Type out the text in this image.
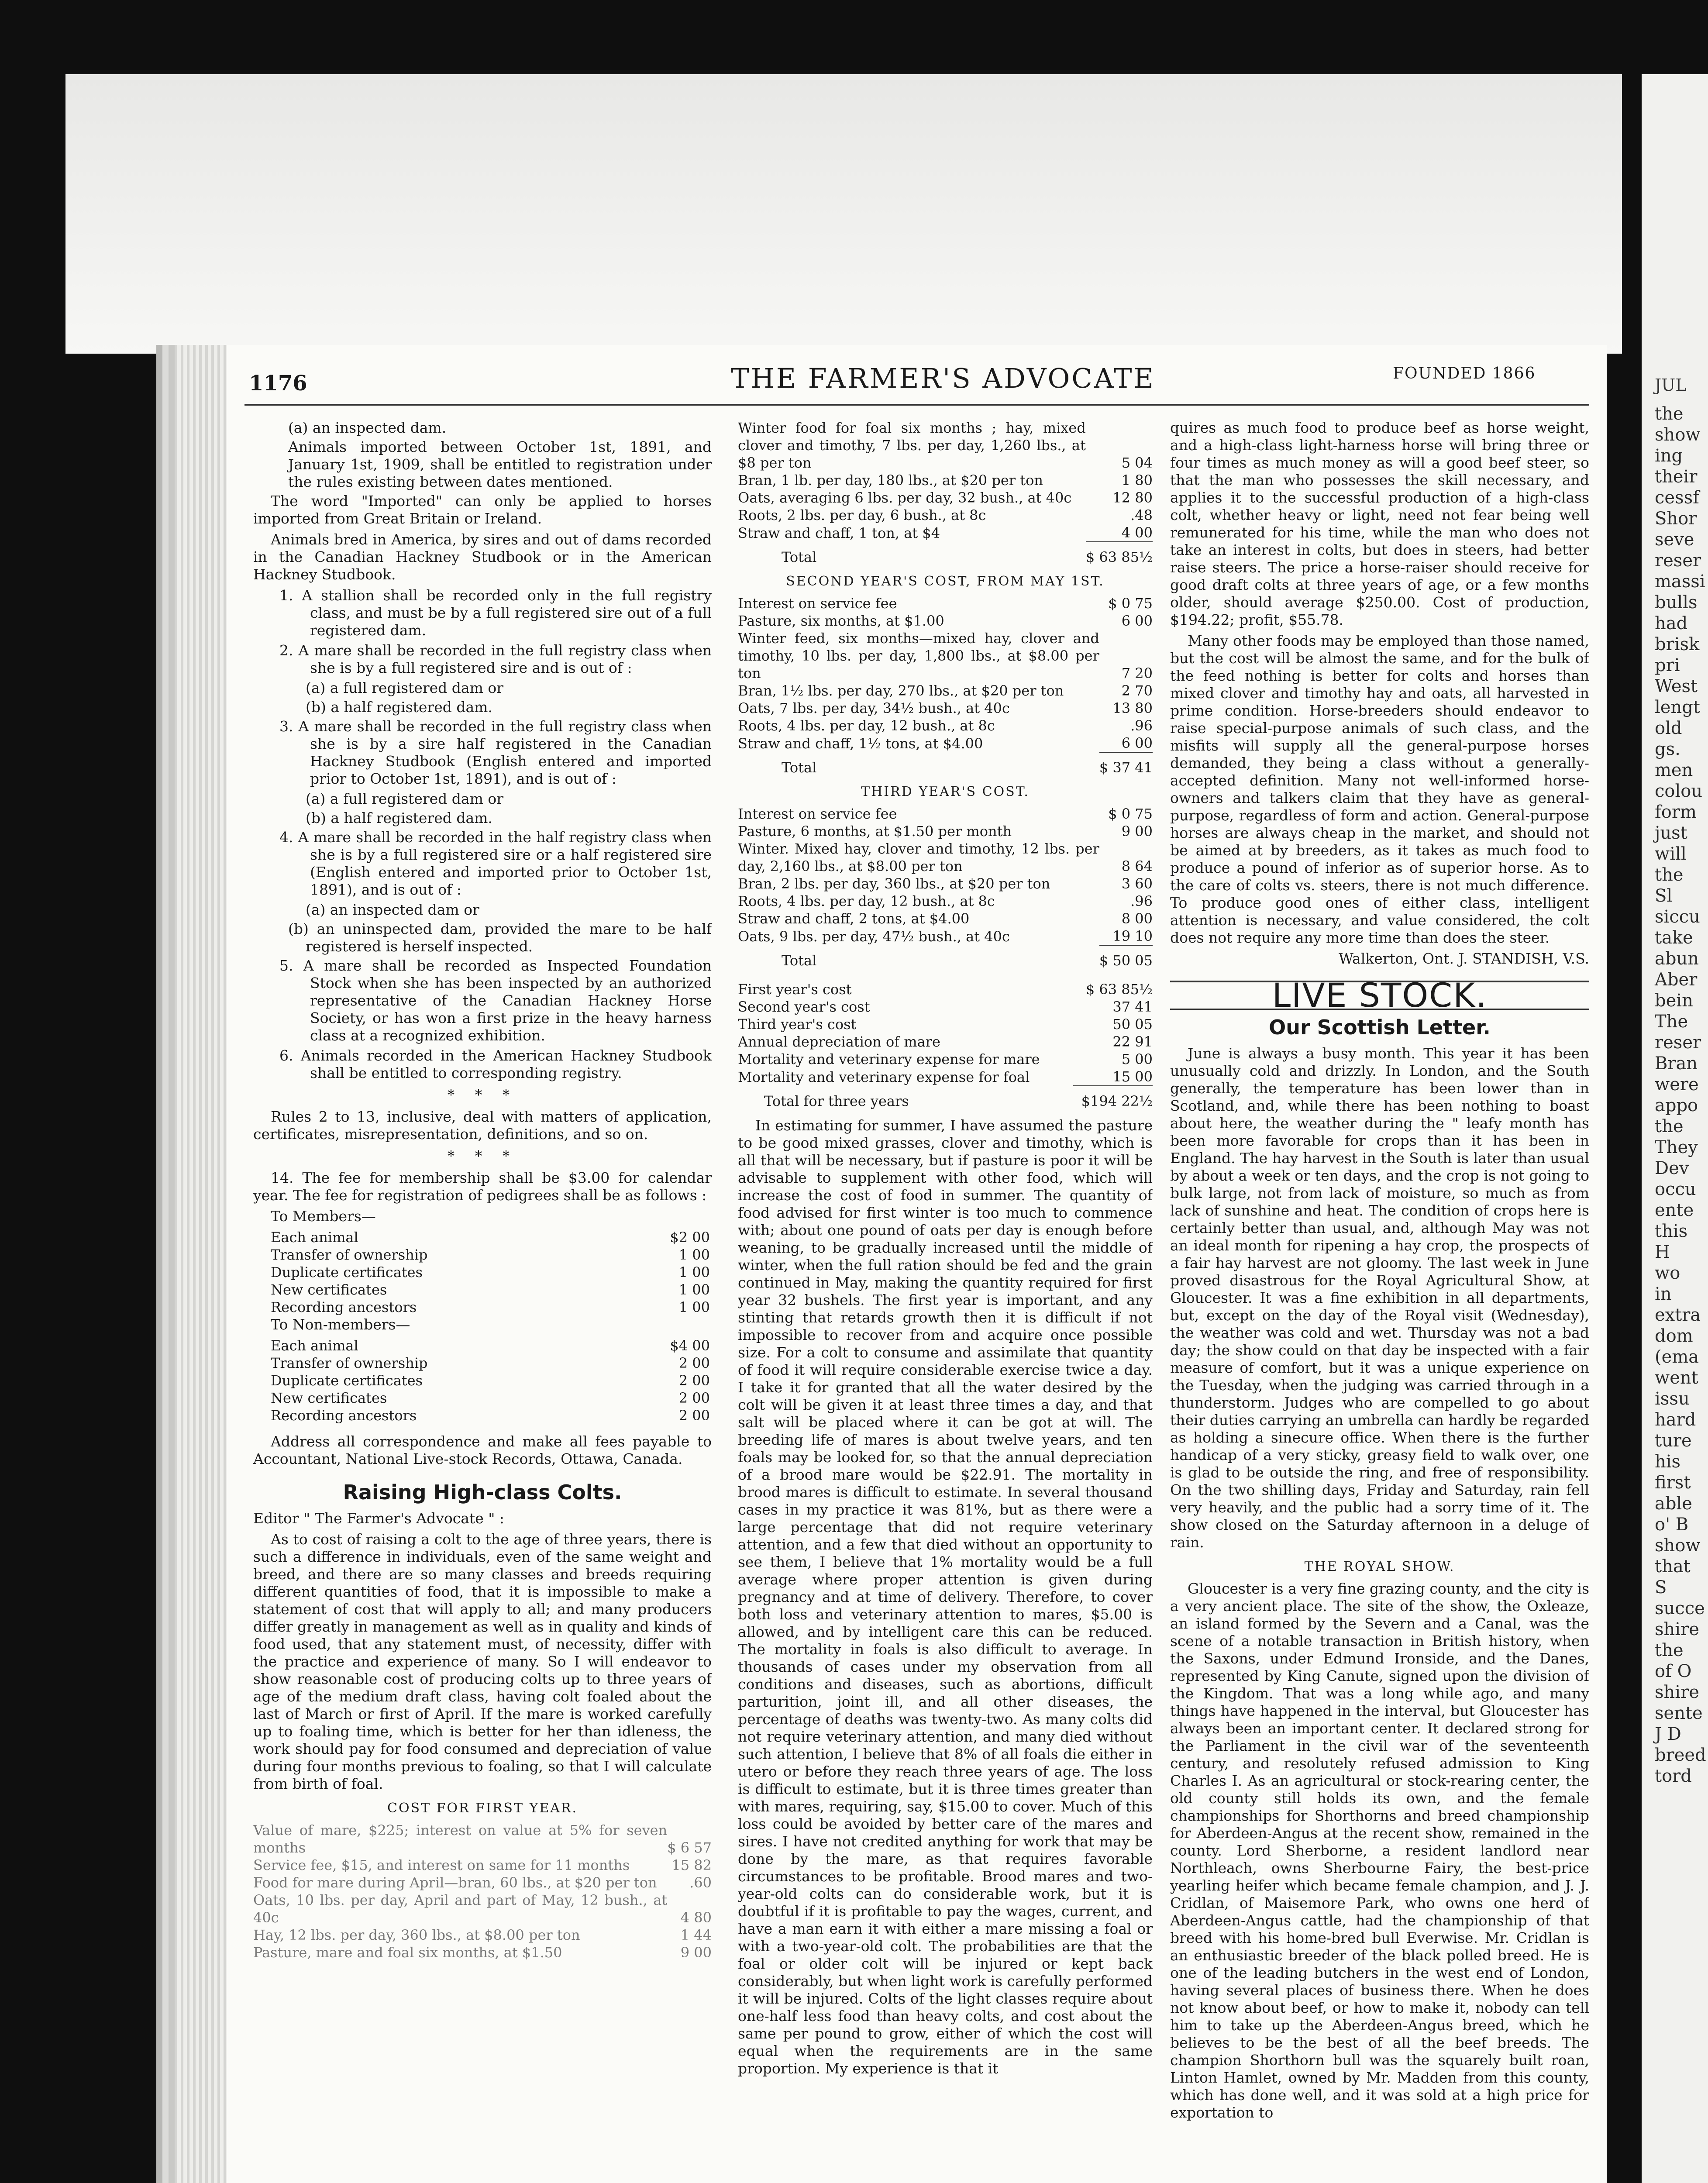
JUL
the
show
ing
their
cessf
Shor
seve
reser
massi
bulls
had
brisk
pri
West
lengt
old
gs.
men
colou
form
just
will
the
Sl
siccu
take
abun
Aber
bein
The
reser
Bran
were
appo
the
They
Dev
occu
ente
this
H
wo
in
extra
dom
(ema
went
issu
hard
ture
his
first
able
o' B
show
that
S
succe
shire
the
of O
shire
sente
J D
breed
tord
1176	THE FARMER'S ADVOCATE	FOUNDED 1866

(a) an inspected dam.

Animals imported between October 1st, 1891, and January 1st, 1909, shall be entitled to registration under the rules existing between dates mentioned.

The word "Imported" can only be applied to horses imported from Great Britain or Ireland.

Animals bred in America, by sires and out of dams recorded in the Canadian Hackney Studbook or in the American Hackney Studbook.

1. A stallion shall be recorded only in the full registry class, and must be by a full registered sire out of a full registered dam.

2. A mare shall be recorded in the full registry class when she is by a full registered sire and is out of :

(a) a full registered dam or

(b) a half registered dam.

3. A mare shall be recorded in the full registry class when she is by a sire half registered in the Canadian Hackney Studbook (English entered and imported prior to October 1st, 1891), and is out of :

(a) a full registered dam or

(b) a half registered dam.

4. A mare shall be recorded in the half registry class when she is by a full registered sire or a half registered sire (English entered and imported prior to October 1st, 1891), and is out of :

(a) an inspected dam or

(b) an uninspected dam, provided the mare to be half registered is herself inspected.

5. A mare shall be recorded as Inspected Foundation Stock when she has been inspected by an authorized representative of the Canadian Hackney Horse Society, or has won a first prize in the heavy harness class at a recognized exhibition.

6. Animals recorded in the American Hackney Studbook shall be entitled to corresponding registry.

* * *

Rules 2 to 13, inclusive, deal with matters of application, certificates, misrepresentation, definitions, and so on.

* * *

14. The fee for membership shall be $3.00 for calendar year. The fee for registration of pedigrees shall be as follows :

To Members—

Each animal	$2 00
Transfer of ownership	1 00
Duplicate certificates	1 00
New certificates	1 00
Recording ancestors	1 00

To Non-members—

Each animal	$4 00
Transfer of ownership	2 00
Duplicate certificates	2 00
New certificates	2 00
Recording ancestors	2 00

Address all correspondence and make all fees payable to Accountant, National Live-stock Records, Ottawa, Canada.

Raising High-class Colts.

Editor " The Farmer's Advocate " :

As to cost of raising a colt to the age of three years, there is such a difference in individuals, even of the same weight and breed, and there are so many classes and breeds requiring different quantities of food, that it is impossible to make a statement of cost that will apply to all; and many producers differ greatly in management as well as in quality and kinds of food used, that any statement must, of necessity, differ with the practice and experience of many. So I will endeavor to show reasonable cost of producing colts up to three years of age of the medium draft class, having colt foaled about the last of March or first of April. If the mare is worked carefully up to foaling time, which is better for her than idleness, the work should pay for food consumed and depreciation of value during four months previous to foaling, so that I will calculate from birth of foal.

COST FOR FIRST YEAR.
Value of mare, $225; interest on value at 5% for seven months	$ 6 57
Service fee, $15, and interest on same for 11 months	15 82
Food for mare during April—bran, 60 lbs., at $20 per ton	.60
Oats, 10 lbs. per day, April and part of May, 12 bush., at 40c	4 80
Hay, 12 lbs. per day, 360 lbs., at $8.00 per ton	1 44
Pasture, mare and foal six months, at $1.50	9 00
Winter food for foal six months ; hay, mixed clover and timothy, 7 lbs. per day, 1,260 lbs., at $8 per ton	5 04
Bran, 1 lb. per day, 180 lbs., at $20 per ton	1 80
Oats, averaging 6 lbs. per day, 32 bush., at 40c	12 80
Roots, 2 lbs. per day, 6 bush., at 8c	.48
Straw and chaff, 1 ton, at $4	4 00
Total	$ 63 85½
SECOND YEAR'S COST, FROM MAY 1ST.
Interest on service fee	$ 0 75
Pasture, six months, at $1.00	6 00
Winter feed, six months—mixed hay, clover and timothy, 10 lbs. per day, 1,800 lbs., at $8.00 per ton	7 20
Bran, 1½ lbs. per day, 270 lbs., at $20 per ton	2 70
Oats, 7 lbs. per day, 34½ bush., at 40c	13 80
Roots, 4 lbs. per day, 12 bush., at 8c	.96
Straw and chaff, 1½ tons, at $4.00	6 00
Total	$ 37 41
THIRD YEAR'S COST.
Interest on service fee	$ 0 75
Pasture, 6 months, at $1.50 per month	9 00
Winter. Mixed hay, clover and timothy, 12 lbs. per day, 2,160 lbs., at $8.00 per ton	8 64
Bran, 2 lbs. per day, 360 lbs., at $20 per ton	3 60
Roots, 4 lbs. per day, 12 bush., at 8c	.96
Straw and chaff, 2 tons, at $4.00	8 00
Oats, 9 lbs. per day, 47½ bush., at 40c	19 10
Total	$ 50 05
First year's cost	$ 63 85½
Second year's cost	37 41
Third year's cost	50 05
Annual depreciation of mare	22 91
Mortality and veterinary expense for mare	5 00
Mortality and veterinary expense for foal	15 00
Total for three years	$194 22½

In estimating for summer, I have assumed the pasture to be good mixed grasses, clover and timothy, which is all that will be necessary, but if pasture is poor it will be advisable to supplement with other food, which will increase the cost of food in summer. The quantity of food advised for first winter is too much to commence with; about one pound of oats per day is enough before weaning, to be gradually increased until the middle of winter, when the full ration should be fed and the grain continued in May, making the quantity required for first year 32 bushels. The first year is important, and any stinting that retards growth then it is difficult if not impossible to recover from and acquire once possible size. For a colt to consume and assimilate that quantity of food it will require considerable exercise twice a day. I take it for granted that all the water desired by the colt will be given it at least three times a day, and that salt will be placed where it can be got at will. The breeding life of mares is about twelve years, and ten foals may be looked for, so that the annual depreciation of a brood mare would be $22.91. The mortality in brood mares is difficult to estimate. In several thousand cases in my practice it was 81%, but as there were a large percentage that did not require veterinary attention, and a few that died without an opportunity to see them, I believe that 1% mortality would be a full average where proper attention is given during pregnancy and at time of delivery. Therefore, to cover both loss and veterinary attention to mares, $5.00 is allowed, and by intelligent care this can be reduced. The mortality in foals is also difficult to average. In thousands of cases under my observation from all conditions and diseases, such as abortions, difficult parturition, joint ill, and all other diseases, the percentage of deaths was twenty-two. As many colts did not require veterinary attention, and many died without such attention, I believe that 8% of all foals die either in utero or before they reach three years of age. The loss is difficult to estimate, but it is three times greater than with mares, requiring, say, $15.00 to cover. Much of this loss could be avoided by better care of the mares and sires. I have not credited anything for work that may be done by the mare, as that requires favorable circumstances to be profitable. Brood mares and two-year-old colts can do considerable work, but it is doubtful if it is profitable to pay the wages, current, and have a man earn it with either a mare missing a foal or with a two-year-old colt. The probabilities are that the foal or older colt will be injured or kept back considerably, but when light work is carefully performed it will be injured. Colts of the light classes require about one-half less food than heavy colts, and cost about the same per pound to grow, either of which the cost will equal when the requirements are in the same proportion. My experience is that it

quires as much food to produce beef as horse weight, and a high-class light-harness horse will bring three or four times as much money as will a good beef steer, so that the man who possesses the skill necessary, and applies it to the successful production of a high-class colt, whether heavy or light, need not fear being well remunerated for his time, while the man who does not take an interest in colts, but does in steers, had better raise steers. The price a horse-raiser should receive for good draft colts at three years of age, or a few months older, should average $250.00. Cost of production, $194.22; profit, $55.78.

Many other foods may be employed than those named, but the cost will be almost the same, and for the bulk of the feed nothing is better for colts and horses than mixed clover and timothy hay and oats, all harvested in prime condition. Horse-breeders should endeavor to raise special-purpose animals of such class, and the misfits will supply all the general-purpose horses demanded, they being a class without a generally-accepted definition. Many not well-informed horse-owners and talkers claim that they have as general-purpose, regardless of form and action. General-purpose horses are always cheap in the market, and should not be aimed at by breeders, as it takes as much food to produce a pound of inferior as of superior horse. As to the care of colts vs. steers, there is not much difference. To produce good ones of either class, intelligent attention is necessary, and value considered, the colt does not require any more time than does the steer.

Walkerton, Ont. J. STANDISH, V.S.

LIVE STOCK.
Our Scottish Letter.

June is always a busy month. This year it has been unusually cold and drizzly. In London, and the South generally, the temperature has been lower than in Scotland, and, while there has been nothing to boast about here, the weather during the " leafy month has been more favorable for crops than it has been in England. The hay harvest in the South is later than usual by about a week or ten days, and the crop is not going to bulk large, not from lack of moisture, so much as from lack of sunshine and heat. The condition of crops here is certainly better than usual, and, although May was not an ideal month for ripening a hay crop, the prospects of a fair hay harvest are not gloomy. The last week in June proved disastrous for the Royal Agricultural Show, at Gloucester. It was a fine exhibition in all departments, but, except on the day of the Royal visit (Wednesday), the weather was cold and wet. Thursday was not a bad day; the show could on that day be inspected with a fair measure of comfort, but it was a unique experience on the Tuesday, when the judging was carried through in a thunderstorm. Judges who are compelled to go about their duties carrying an umbrella can hardly be regarded as holding a sinecure office. When there is the further handicap of a very sticky, greasy field to walk over, one is glad to be outside the ring, and free of responsibility. On the two shilling days, Friday and Saturday, rain fell very heavily, and the public had a sorry time of it. The show closed on the Saturday afternoon in a deluge of rain.

THE ROYAL SHOW.

Gloucester is a very fine grazing county, and the city is a very ancient place. The site of the show, the Oxleaze, an island formed by the Severn and a Canal, was the scene of a notable transaction in British history, when the Saxons, under Edmund Ironside, and the Danes, represented by King Canute, signed upon the division of the Kingdom. That was a long while ago, and many things have happened in the interval, but Gloucester has always been an important center. It declared strong for the Parliament in the civil war of the seventeenth century, and resolutely refused admission to King Charles I. As an agricultural or stock-rearing center, the old county still holds its own, and the female championships for Shorthorns and breed championship for Aberdeen-Angus at the recent show, remained in the county. Lord Sherborne, a resident landlord near Northleach, owns Sherbourne Fairy, the best-price yearling heifer which became female champion, and J. J. Cridlan, of Maisemore Park, who owns one herd of Aberdeen-Angus cattle, had the championship of that breed with his home-bred bull Everwise. Mr. Cridlan is an enthusiastic breeder of the black polled breed. He is one of the leading butchers in the west end of London, having several places of business there. When he does not know about beef, or how to make it, nobody can tell him to take up the Aberdeen-Angus breed, which he believes to be the best of all the beef breeds. The champion Shorthorn bull was the squarely built roan, Linton Hamlet, owned by Mr. Madden from this county, which has done well, and it was sold at a high price for exportation to
